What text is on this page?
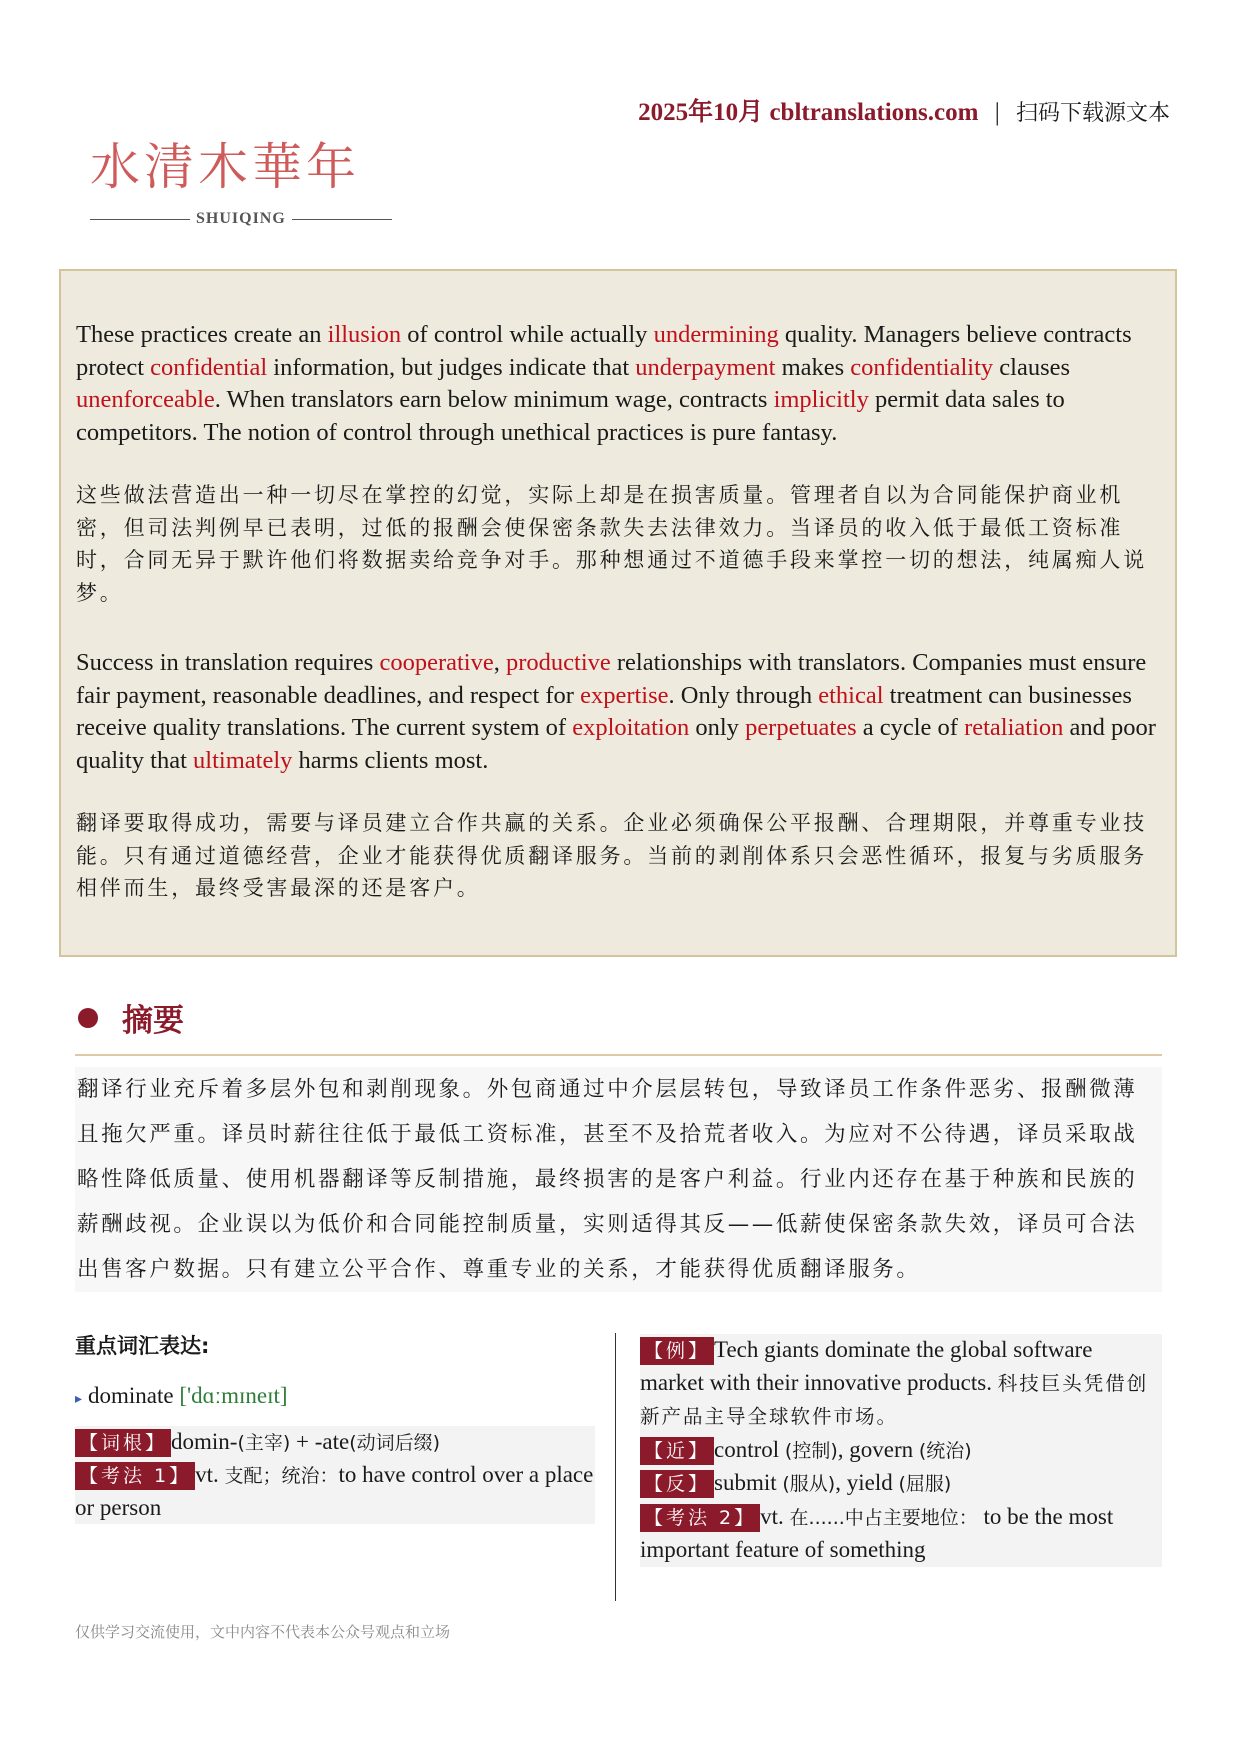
2025年10月 cbltranslations.com | 扫码下载源文本
水清木華年
SHUIQING

These practices create an illusion of control while actually undermining quality. Managers believe contracts protect confidential information, but judges indicate that underpayment makes confidentiality clauses unenforceable. When translators earn below minimum wage, contracts implicitly permit data sales to competitors. The notion of control through unethical practices is pure fantasy.

这些做法营造出一种一切尽在掌控的幻觉，实际上却是在损害质量。管理者自以为合同能保护商业机密，但司法判例早已表明，过低的报酬会使保密条款失去法律效力。当译员的收入低于最低工资标准时，合同无异于默许他们将数据卖给竞争对手。那种想通过不道德手段来掌控一切的想法，纯属痴人说梦。

Success in translation requires cooperative, productive relationships with translators. Companies must ensure fair payment, reasonable deadlines, and respect for expertise. Only through ethical treatment can businesses receive quality translations. The current system of exploitation only perpetuates a cycle of retaliation and poor quality that ultimately harms clients most.

翻译要取得成功，需要与译员建立合作共赢的关系。企业必须确保公平报酬、合理期限，并尊重专业技能。只有通过道德经营，企业才能获得优质翻译服务。当前的剥削体系只会恶性循环，报复与劣质服务相伴而生，最终受害最深的还是客户。

摘要

翻译行业充斥着多层外包和剥削现象。外包商通过中介层层转包，导致译员工作条件恶劣、报酬微薄且拖欠严重。译员时薪往往低于最低工资标准，甚至不及拾荒者收入。为应对不公待遇，译员采取战略性降低质量、使用机器翻译等反制措施，最终损害的是客户利益。行业内还存在基于种族和民族的薪酬歧视。企业误以为低价和合同能控制质量，实则适得其反——低薪使保密条款失效，译员可合法出售客户数据。只有建立公平合作、尊重专业的关系，才能获得优质翻译服务。

重点词汇表达:
▸ dominate ['dɑːmɪneɪt]
【词根】 domin-(主宰) + -ate(动词后缀)
【考法 1】 vt. 支配；统治：to have control over a place or person
【例】 Tech giants dominate the global software market with their innovative products. 科技巨头凭借创新产品主导全球软件市场。
【近】 control (控制), govern (统治)
【反】 submit (服从), yield (屈服)
【考法 2】 vt. 在......中占主要地位： to be the most important feature of something
仅供学习交流使用，文中内容不代表本公众号观点和立场
